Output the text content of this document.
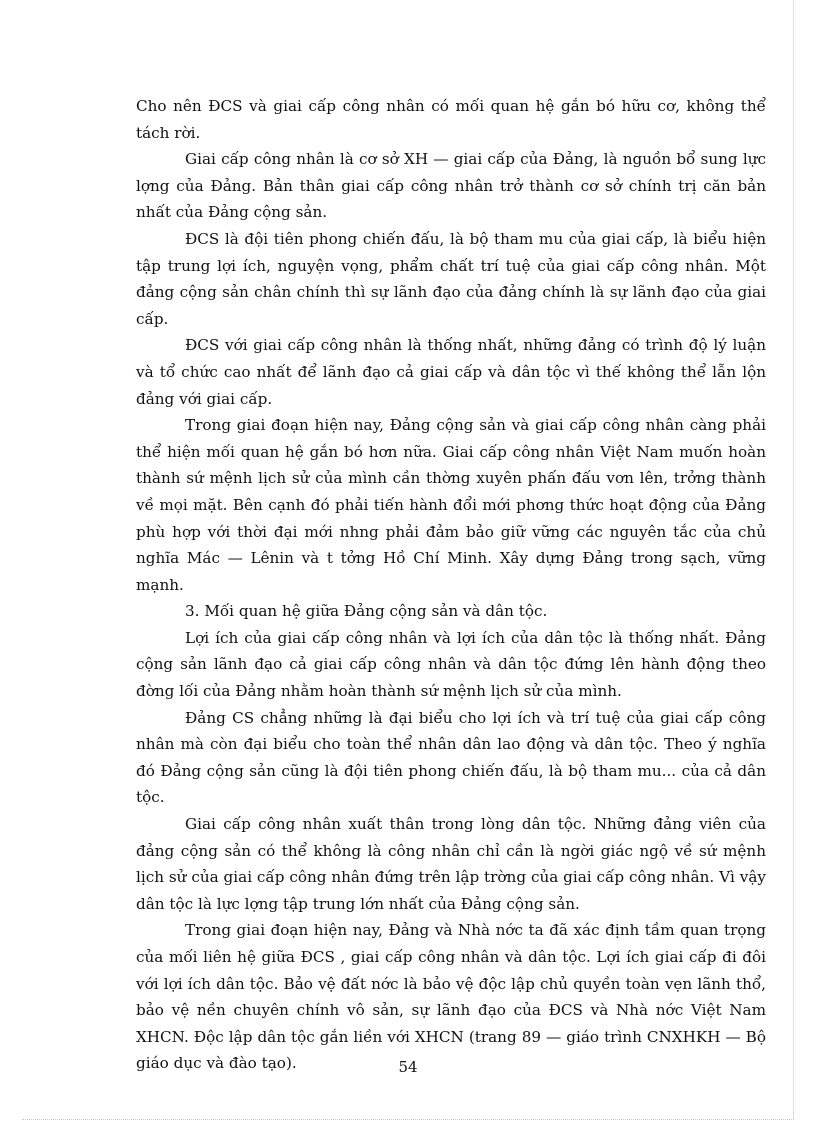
Cho nên ĐCS và giai cấp công nhân có mối quan hệ gắn bó hữu cơ, không thể tách rời.

Giai cấp công nhân là cơ sở XH — giai cấp của Đảng, là nguồn bổ sung lực lợng của Đảng. Bản thân giai cấp công nhân trở thành cơ sở chính trị căn bản nhất của Đảng cộng sản.

ĐCS là đội tiên phong chiến đấu, là bộ tham mu của giai cấp, là biểu hiện tập trung lợi ích, nguyện vọng, phẩm chất trí tuệ của giai cấp công nhân. Một đảng cộng sản chân chính thì sự lãnh đạo của đảng chính là sự lãnh đạo của giai cấp.

ĐCS với giai cấp công nhân là thống nhất, những đảng có trình độ lý luận và tổ chức cao nhất để lãnh đạo cả giai cấp và dân tộc vì thế không thể lẫn lộn đảng với giai cấp.

Trong giai đoạn hiện nay, Đảng cộng sản và giai cấp công nhân càng phải thể hiện mối quan hệ gắn bó hơn nữa. Giai cấp công nhân Việt Nam muốn hoàn thành sứ mệnh lịch sử của mình cần thờng xuyên phấn đấu vơn lên, trởng thành về mọi mặt. Bên cạnh đó phải tiến hành đổi mới phơng thức hoạt động của Đảng phù hợp với thời đại mới nhng phải đảm bảo giữ vững các nguyên tắc của chủ nghĩa Mác — Lênin và t tởng Hồ Chí Minh. Xây dựng Đảng trong sạch, vững mạnh.

3. Mối quan hệ giữa Đảng cộng sản và dân tộc.

Lợi ích của giai cấp công nhân và lợi ích của dân tộc là thống nhất. Đảng cộng sản lãnh đạo cả giai cấp công nhân và dân tộc đứng lên hành động theo đờng lối của Đảng nhằm hoàn thành sứ mệnh lịch sử của mình.

Đảng CS chẳng những là đại biểu cho lợi ích và trí tuệ của giai cấp công nhân mà còn đại biểu cho toàn thể nhân dân lao động và dân tộc. Theo ý nghĩa đó Đảng cộng sản cũng là đội tiên phong chiến đấu, là bộ tham mu... của cả dân tộc.

Giai cấp công nhân xuất thân trong lòng dân tộc. Những đảng viên của đảng cộng sản có thể không là công nhân chỉ cần là ngời giác ngộ về sứ mệnh lịch sử của giai cấp công nhân đứng trên lập trờng của giai cấp công nhân. Vì vậy dân tộc là lực lợng tập trung lớn nhất của Đảng cộng sản.

Trong giai đoạn hiện nay, Đảng và Nhà nớc ta đã xác định tầm quan trọng của mối liên hệ giữa ĐCS , giai cấp công nhân và dân tộc. Lợi ích giai cấp đi đôi với lợi ích dân tộc. Bảo vệ đất nớc là bảo vệ độc lập chủ quyền toàn vẹn lãnh thổ, bảo vệ nền chuyên chính vô sản, sự lãnh đạo của ĐCS và Nhà nớc Việt Nam XHCN. Độc lập dân tộc gắn liền với XHCN (trang 89 — giáo trình CNXHKH — Bộ giáo dục và đào tạo).	54
